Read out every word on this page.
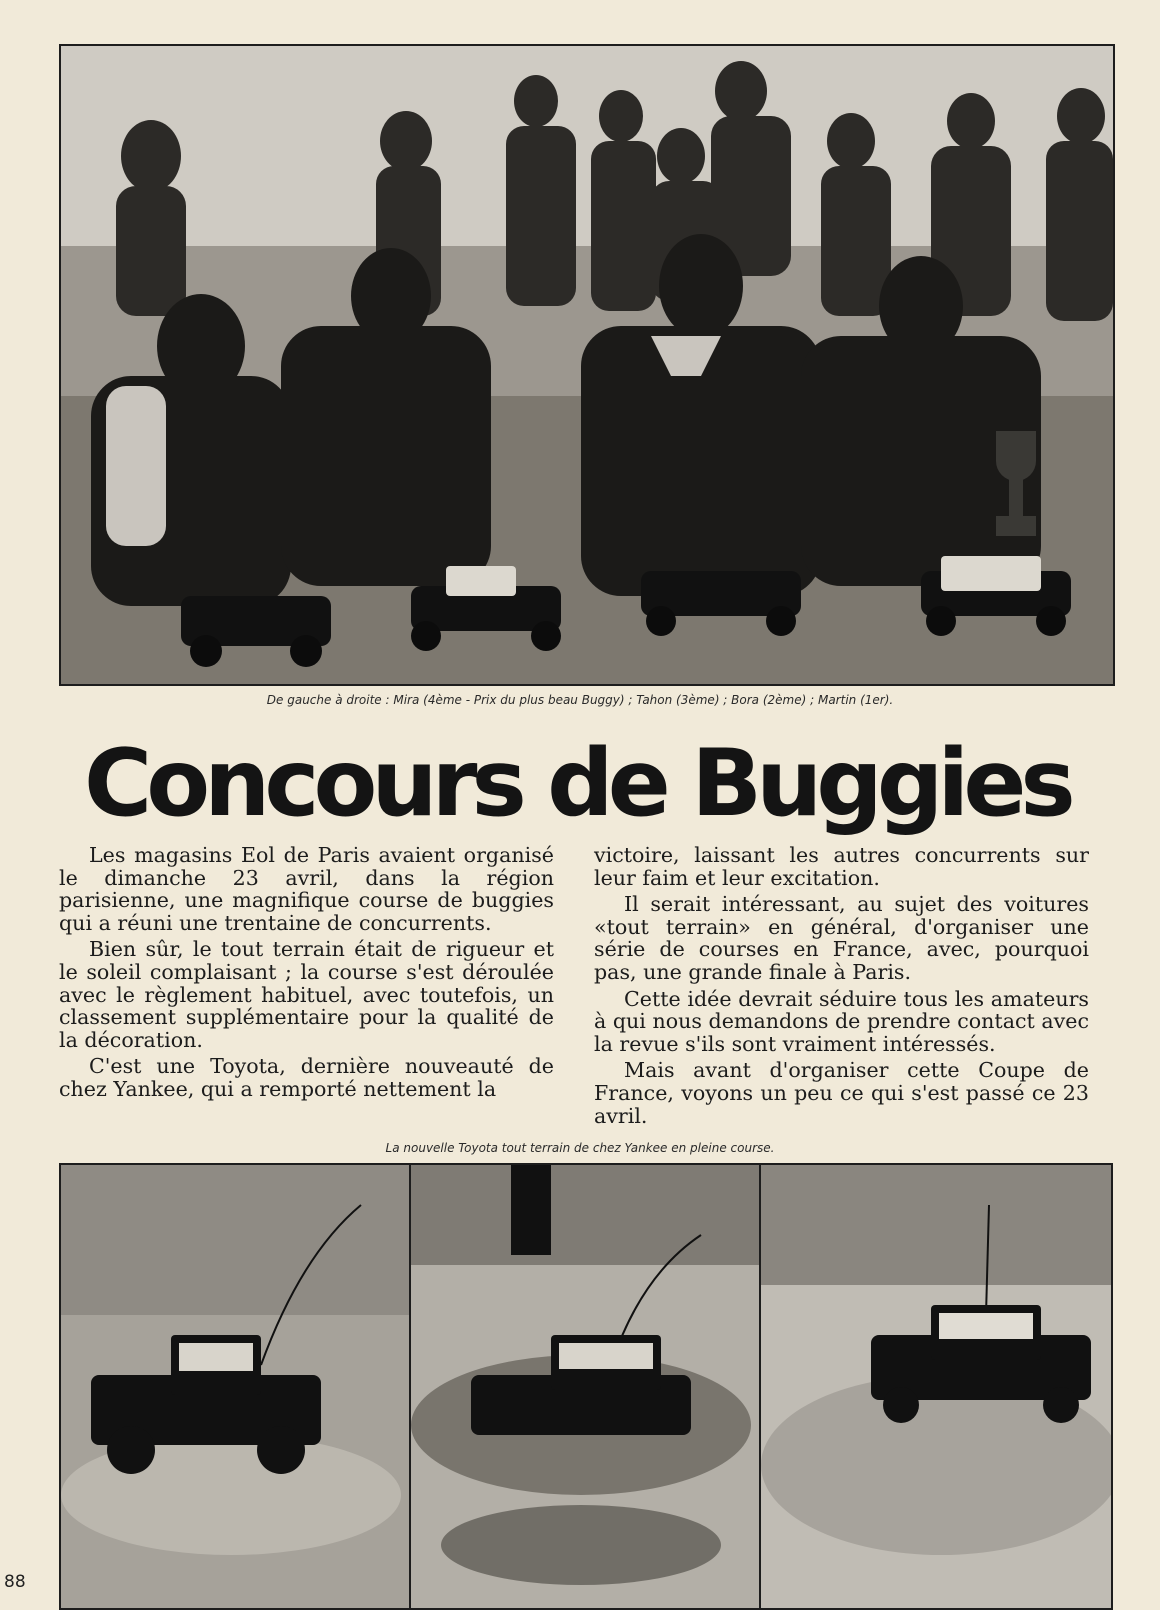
De gauche à droite : Mira (4ème - Prix du plus beau Buggy) ; Tahon (3ème) ; Bora (2ème) ; Martin (1er).
Concours de Buggies

Les magasins Eol de Paris avaient organisé le dimanche 23 avril, dans la région parisienne, une magnifique course de buggies qui a réuni une trentaine de concurrents.

Bien sûr, le tout terrain était de rigueur et le soleil complaisant ; la course s'est déroulée avec le règlement habituel, avec toutefois, un classement supplémentaire pour la qualité de la décoration.

C'est une Toyota, dernière nouveauté de chez Yankee, qui a remporté nettement la

victoire, laissant les autres concurrents sur leur faim et leur excitation.

Il serait intéressant, au sujet des voitures «tout terrain» en général, d'organiser une série de courses en France, avec, pourquoi pas, une grande finale à Paris.

Cette idée devrait séduire tous les amateurs à qui nous demandons de prendre contact avec la revue s'ils sont vraiment intéressés.

Mais avant d'organiser cette Coupe de France, voyons un peu ce qui s'est passé ce 23 avril.

La nouvelle Toyota tout terrain de chez Yankee en pleine course.
88
